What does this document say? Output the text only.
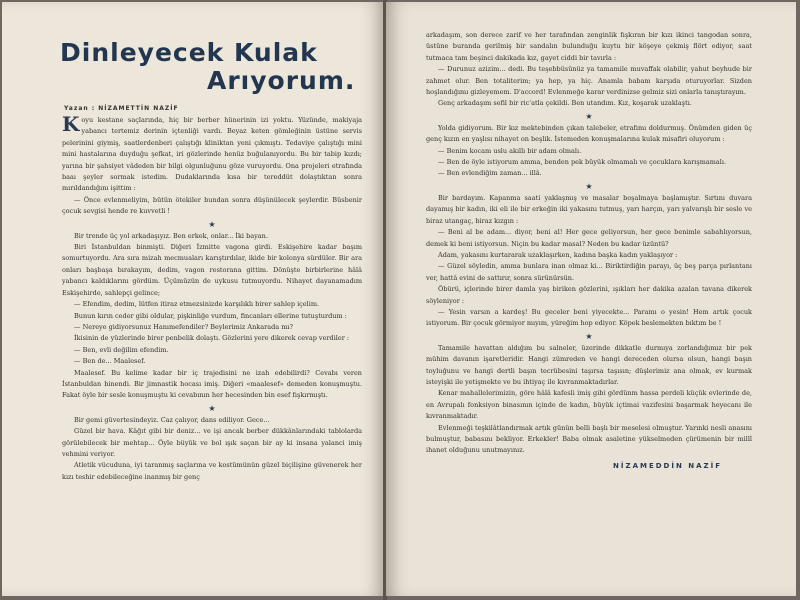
Dinleyecek Kulak
Arıyorum.
Yazan : NİZAMETTİN NAZİF
K oyu kestane saçlarında, hiç bir berber hünerinin izi yoktu. Yüzünde, makiyaja yabancı tertemiz derinin içtenliği vardı. Beyaz keten gömleğinin üstüne servis pelerinini giymiş, saatlerdenberi çalıştığı kliniktan yeni çıkmıştı. Tedaviye çalıştığı mini mini hastalarına duyduğu şefkat, iri gözlerinde henüz buğulanıyordu. Bu bir tabip kızdı; yarına bir şahsiyet vâdeden bir bilgi olgunluğunu göze vuruyordu. Ona projeleri etrafında baaı şeyler sormak istedim. Dudaklarında kısa bir tereddüt dolaştıktan sonra mırıldandığını işittim :

— Önce evlenmeliyim, bütün ötekiler bundan sonra düşünülecek şeylerdir. Büsbenir çocuk sevgisi hende re kuvvetli !

★

Bir trende üç yol arkadaşıyız. Ben erkek, onlar... İki bayan.

Biri İstanbuldan binmişti. Diğeri İzmitte vagona girdi. Eskişehire kadar başım somurtuyordu. Ara sıra mizah mecmuaları karıştırdılar, ikide bir kolonya sürdüler. Bir ara onları başbaşa bırakayım, dedim, vagon restorana gittim. Dönüşte birbirlerine hâlâ yabancı kaldıklarını gördüm. Üçümüzün de uykusu tutmuyordu. Nihayet dayanamadım Eskişehirde, sahlepçi gelince;

— Efendim, dedim, lütfen itiraz etmezsinizde karşılıklı birer sahlep içelim.

Bunun kırın ceder gibi oldular, pişkinliğe vurdum, fincanları ellerine tutuşturdum :

— Nereye gidiyorsunuz Hanımefendiler? Beylerimiz Ankarada mı?

İkisinin de yüzlerinde birer penbelik dolaştı. Gözlerini yere dikerek cevap verdiler :

— Ben, evli değilim efendim.

— Ben de... Maalesef.

Maalesef. Bu kelime kadar bir iç trajedisini ne izah edebilirdi? Cevabı veren İstanbuldan binendi. Bir jimnastik hocası imiş. Diğeri «maalesef» demeden konuşmuştu. Fakat öyle bir sesle konuşmuştu ki cevabının her hecesinden bin esef fışkırmıştı.

★

Bir gemi güvertesindeyiz. Caz çalıyor, dans ediliyor. Gece...

Güzel bir hava. Kâğıt gibi bir deniz... ve işi ancak berber dükkânlarındaki tablolarda görülebilecek bir mehtap... Öyle büyük ve bol ışık saçan bir ay ki insana yalanci imiş vehmini veriyor.

Atletik vücuduna, iyi taranmış saçlarına ve kostümünün güzel biçilişine güvenerek her kızı teshir edebileceğine inanmış bir genç

arkadaşım, son derece zarif ve her tarafından zenginlik fışkıran bir kızı ikinci tangodan sonra, üstüne buranda gerilmiş bir sandalın bulunduğu kuytu bir köşeye çekmiş flört ediyor, saat tutmaca tam beşinci dakikada kız, gayet ciddi bir tavırla :

— Durunuz azizim... dedi. Bu teşebbüsünüz ya tamamile muvaffak olabilir, yahut beyhude bir zahmet olur. Ben totaliterim; ya hep, ya hiç. Anamla babam karşıda oturuyorlar. Sizden hoşlandığımı gizleyemem. D'accord! Evlenmeğe karar verdinizse gelmiz sizi onlarla tanıştırayım.

Genç arkadaşım sefil bir ric'atla çekildi. Ben utandım. Kız, koşarak uzaklaştı.

★

Yolda gidiyorum. Bir kız mektebinden çıkan talebeler, etrafımı doldurmuş. Önümden giden üç genç kızın en yaşlısı nihayet on beşlik. İstemeden konuşmalarına kulak misafiri oluyorum :

— Benim kocam uslu akıllı bir adam olmalı.

— Ben de öyle istiyorum amma, benden pek büyük olmamalı ve çocuklara karışmamalı.

— Ben evlendiğim zaman... illâ.

★

Bir bardayım. Kapanma saati yaklaşmış ve masalar boşalmaya başlamıştır. Sırtını duvara dayamış bir kadın, iki eli ile bir erkeğin iki yakasını tutmuş, yarı harçın, yarı yalvarışlı bir sesle ve biraz utangaç, biraz kızgın :

— Beni al be adam... diyor, beni al! Her gece geliyorsun, her gece benimle sabahlıyorsun, demek ki beni istiyorsun. Niçin bu kadar masal? Neden bu kadar üzüntü?

Adam, yakasını kurtararak uzaklaşırken, kadına başka kadın yaklaşıyor :

— Güzel söyledin, amma bunlara inan olmaz ki... Biriktirdiğin parayı, üç beş parça pırlantanı ver, hattâ evini de sattırır, sonra sürünürsün.

Öbürü, içlerinde birer damla yaş biriken gözlerini, ışıkları her dakika azalan tavana dikerek söyleniyor :

— Yesin varsın a kardeş! Bu geceler beni yiyecekte... Paramı o yesin! Hem artık çocuk istiyorum. Bir çocuk görmiyor mıyım, yüreğim hop ediyor. Köpek beslemekten bıktım be !

★

Tamamile havattan aldığım bu salneler, üzerinde dikkatle durmıya zorlandığımız bir pek mühim davanın işaretleridir. Hangi zümreden ve hangi dereceden olursa olsun, hangi başın toyluğunu ve hangi dertli başın tecrübesini taşırsa taşısın; düşlerimiz ana olmak, ev kurmak isteyişki ile yetişmekte ve bu ihtiyaç ile kıvranmaktadırlar.

Kenar mahallelerimizin, göre hâlâ kafesli imiş gibi gördünm hassa perdeli küçük evlerinde de, en Avrupalı fonksiyon binasının içinde de kadın, büyük içtimai vazifesini başarmak heyecanı ile kıvranmaktadır.

Evlenmeği teşkilâtlandırmak artık günün belli başlı bir meselesi olmuştur. Yarınki nesli anasını bulmuştur, babasını bekliyor. Erkekler! Baba olmak asaletine yükselmeden çürümenin bir millî ihanet olduğunu unutmayınız.

NİZAMEDDİN NAZİF
